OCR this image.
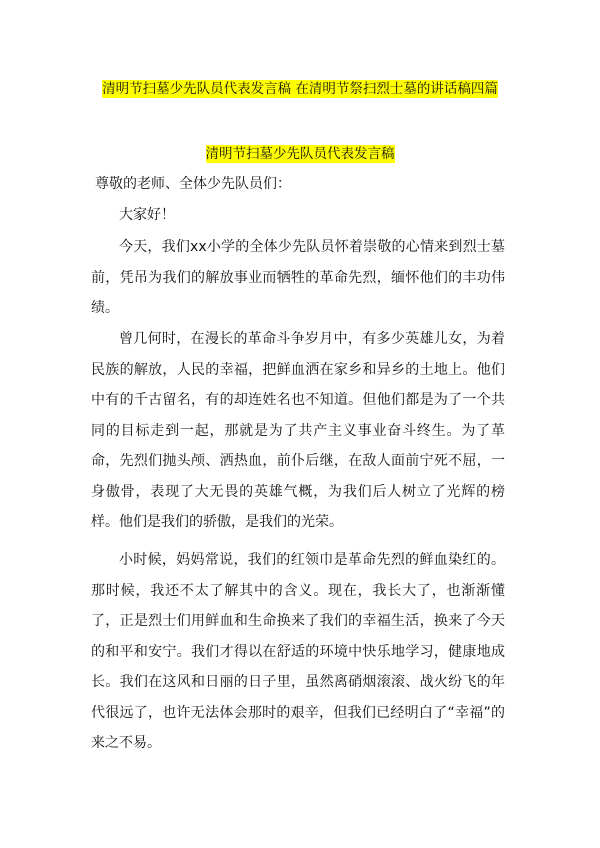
清明节扫墓少先队员代表发言稿 在清明节祭扫烈士墓的讲话稿四篇
清明节扫墓少先队员代表发言稿
尊敬的老师、全体少先队员们：
大家好！

今天，我们xx小学的全体少先队员怀着崇敬的心情来到烈士墓前，凭吊为我们的解放事业而牺牲的革命先烈，缅怀他们的丰功伟绩。

曾几何时，在漫长的革命斗争岁月中，有多少英雄儿女，为着民族的解放，人民的幸福，把鲜血洒在家乡和异乡的土地上。他们中有的千古留名，有的却连姓名也不知道。但他们都是为了一个共同的目标走到一起，那就是为了共产主义事业奋斗终生。为了革命，先烈们抛头颅、洒热血，前仆后继，在敌人面前宁死不屈，一身傲骨，表现了大无畏的英雄气概，为我们后人树立了光辉的榜样。他们是我们的骄傲，是我们的光荣。

小时候，妈妈常说，我们的红领巾是革命先烈的鲜血染红的。那时候，我还不太了解其中的含义。现在，我长大了，也渐渐懂了，正是烈士们用鲜血和生命换来了我们的幸福生活，换来了今天的和平和安宁。我们才得以在舒适的环境中快乐地学习，健康地成长。我们在这风和日丽的日子里，虽然离硝烟滚滚、战火纷飞的年代很远了，也许无法体会那时的艰辛，但我们已经明白了“幸福”的来之不易。
